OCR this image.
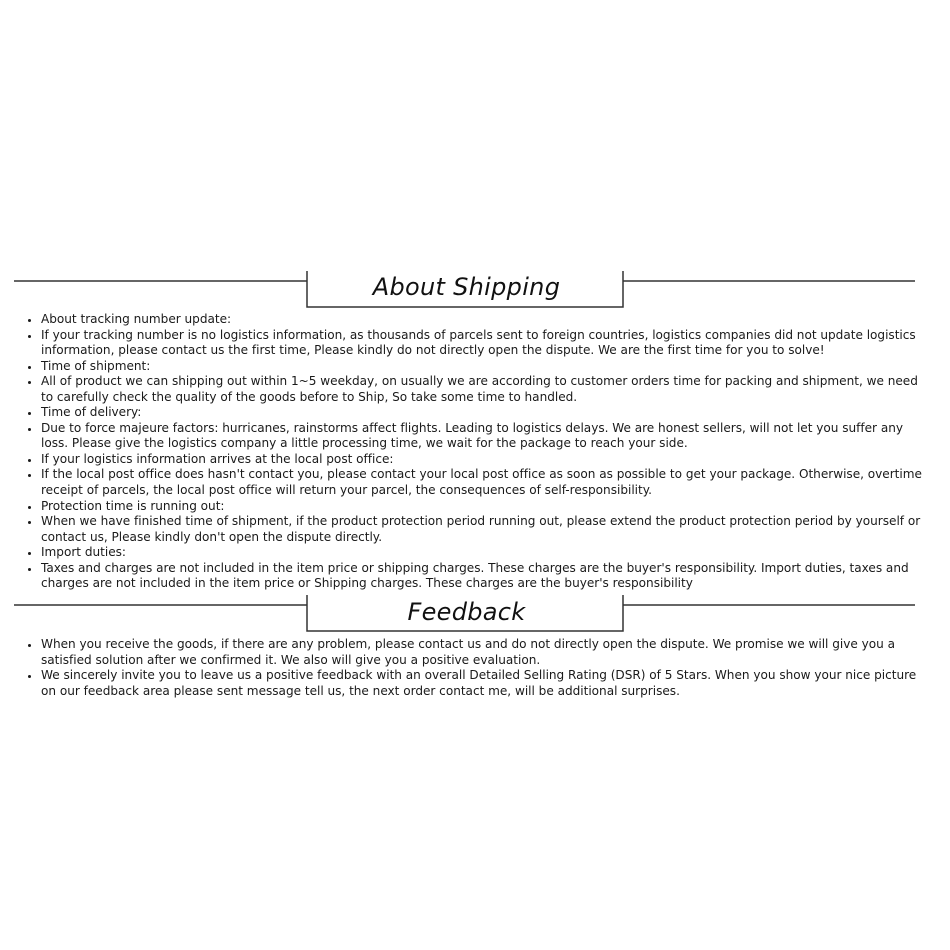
About Shipping
• About tracking number update:
• If your tracking number is no logistics information, as thousands of parcels sent to foreign countries, logistics companies did not update logistics information, please contact us the first time, Please kindly do not directly open the dispute. We are the first time for you to solve!
• Time of shipment:
• All of product we can shipping out within 1~5 weekday, on usually we are according to customer orders time for packing and shipment, we need to carefully check the quality of the goods before to Ship, So take some time to handled.
• Time of delivery:
• Due to force majeure factors: hurricanes, rainstorms affect flights. Leading to logistics delays. We are honest sellers, will not let you suffer any loss. Please give the logistics company a little processing time, we wait for the package to reach your side.
• If your logistics information arrives at the local post office:
• If the local post office does hasn't contact you, please contact your local post office as soon as possible to get your package. Otherwise, overtime receipt of parcels, the local post office will return your parcel, the consequences of self-responsibility.
• Protection time is running out:
• When we have finished time of shipment, if the product protection period running out, please extend the product protection period by yourself or contact us, Please kindly don't open the dispute directly.
• Import duties:
• Taxes and charges are not included in the item price or shipping charges. These charges are the buyer's responsibility. Import duties, taxes and charges are not included in the item price or Shipping charges. These charges are the buyer's responsibility
Feedback
• When you receive the goods, if there are any problem, please contact us and do not directly open the dispute. We promise we will give you a satisfied solution after we confirmed it. We also will give you a positive evaluation.
• We sincerely invite you to leave us a positive feedback with an overall Detailed Selling Rating (DSR) of 5 Stars. When you show your nice picture on our feedback area please sent message tell us, the next order contact me, will be additional surprises.
